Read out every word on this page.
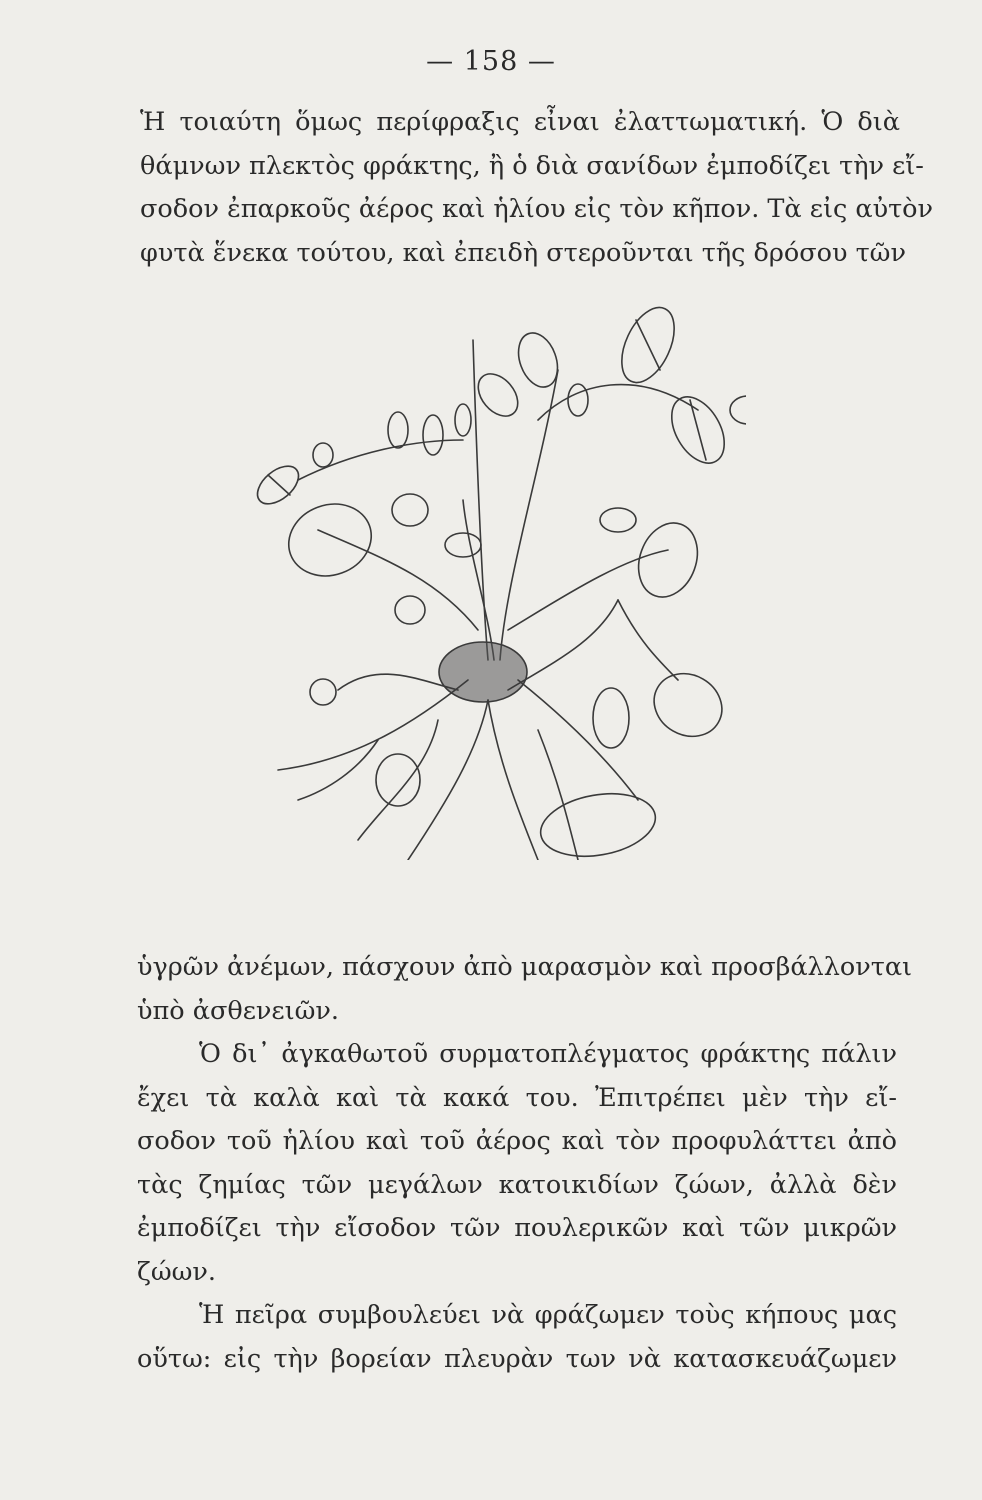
— 158 —

Ἡ τοιαύτη ὅμως περίφραξις εἶναι ἐλαττωματική. Ὁ διὰ
θάμνων πλεκτὸς φράκτης, ἢ ὁ διὰ σανίδων ἐμποδίζει τὴν εἴ-
σοδον ἐπαρκοῦς ἀέρος καὶ ἡλίου εἰς τὸν κῆπον. Τὰ εἰς αὐτὸν
φυτὰ ἕνεκα τούτου, καὶ ἐπειδὴ στεροῦνται τῆς δρόσου τῶν

ὑγρῶν ἀνέμων, πάσχουν ἀπὸ μαρασμὸν καὶ προσβάλλονται
ὑπὸ ἀσθενειῶν.
Ὁ δι᾽ ἀγκαθωτοῦ συρματοπλέγματος φράκτης πάλιν
ἔχει τὰ καλὰ καὶ τὰ κακά του. Ἐπιτρέπει μὲν τὴν εἴ-
σοδον τοῦ ἡλίου καὶ τοῦ ἀέρος καὶ τὸν προφυλάττει ἀπὸ
τὰς ζημίας τῶν μεγάλων κατοικιδίων ζώων, ἀλλὰ δὲν
ἐμποδίζει τὴν εἴσοδον τῶν πουλερικῶν καὶ τῶν μικρῶν
ζώων.
Ἡ πεῖρα συμβουλεύει νὰ φράζωμεν τοὺς κήπους μας
οὕτω: εἰς τὴν βορείαν πλευρὰν των νὰ κατασκευάζωμεν
